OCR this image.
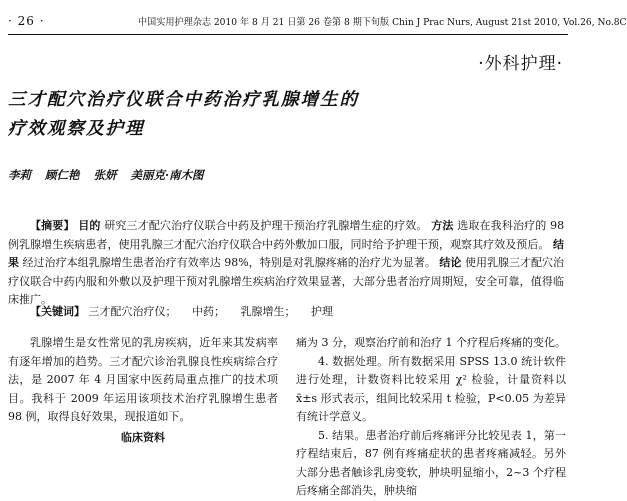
· 26 ·	中国实用护理杂志 2010 年 8 月 21 日第 26 卷第 8 期下旬版 Chin J Prac Nurs, August 21st 2010, Vol.26, No.8C
·外科护理·
三才配穴治疗仪联合中药治疗乳腺增生的
疗效观察及护理
李莉 顾仁艳 张妍 美丽克·南木图
【摘要】 目的 研究三才配穴治疗仪联合中药及护理干预治疗乳腺增生症的疗效。 方法 选取在我科治疗的 98 例乳腺增生疾病患者，使用乳腺三才配穴治疗仪联合中药外敷加口服，同时给予护理干预，观察其疗效及预后。 结果 经过治疗本组乳腺增生患者治疗有效率达 98%，特别是对乳腺疼痛的治疗尤为显著。 结论 使用乳腺三才配穴治疗仪联合中药内服和外敷以及护理干预对乳腺增生疾病治疗效果显著，大部分患者治疗周期短，安全可靠，值得临床推广。
【关键词】 三才配穴治疗仪； 中药； 乳腺增生； 护理
乳腺增生是女性常见的乳房疾病，近年来其发病率有逐年增加的趋势。三才配穴诊治乳腺良性疾病综合疗法，是 2007 年 4 月国家中医药局重点推广的技术项目。我科于 2009 年运用该项技术治疗乳腺增生患者 98 例，取得良好效果，现报道如下。
临床资料

痛为 3 分，观察治疗前和治疗 1 个疗程后疼痛的变化。

4. 数据处理。所有数据采用 SPSS 13.0 统计软件进行处理，计数资料比较采用 χ² 检验，计量资料以 x̄±s 形式表示，组间比较采用 t 检验，P<0.05 为差异有统计学意义。

5. 结果。患者治疗前后疼痛评分比较见表 1，第一疗程结束后，87 例有疼痛症状的患者疼痛减轻。另外大部分患者触诊乳房变软，肿块明显缩小，2~3 个疗程后疼痛全部消失，肿块缩
